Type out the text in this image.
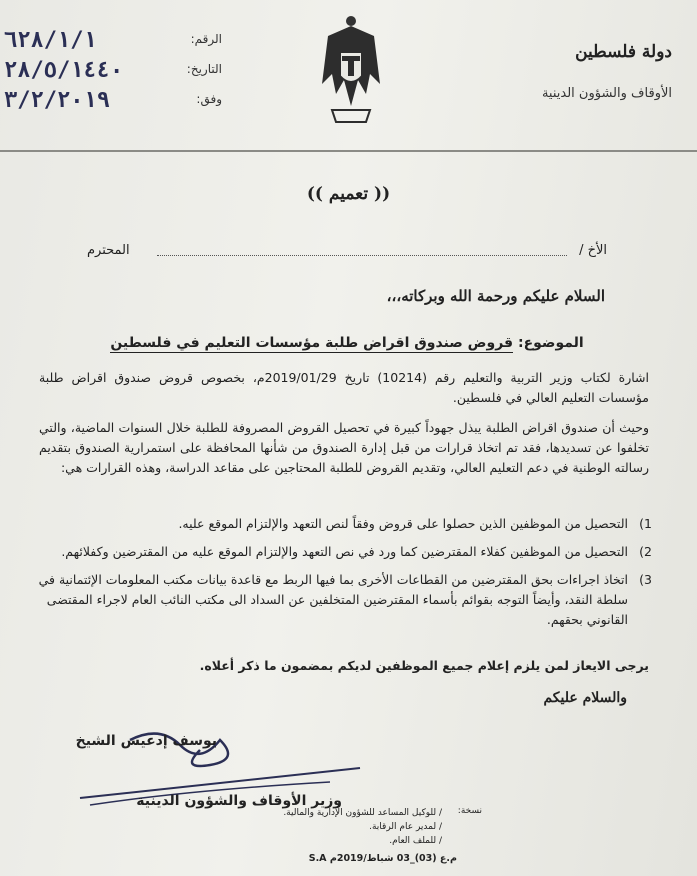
٦٢٨/١/١	الرقم:
٢٨/٥/١٤٤٠	التاريخ:
٣/٢/٢٠١٩	وفق:
دولة فلسطين
الأوقاف والشؤون الدينية
(( تعميم ))
الأخ /
المحترم
السلام عليكم ورحمة الله وبركاته،،،
الموضوع: قروض صندوق اقراض طلبة مؤسسات التعليم في فلسطين

اشارة لكتاب وزير التربية والتعليم رقم (10214) تاريخ 2019/01/29م، بخصوص قروض صندوق اقراض طلبة مؤسسات التعليم العالي في فلسطين.

وحيث أن صندوق اقراض الطلبة يبذل جهوداً كبيرة في تحصيل القروض المصروفة للطلبة خلال السنوات الماضية، والتي تخلفوا عن تسديدها، فقد تم اتخاذ قرارات من قبل إدارة الصندوق من شأنها المحافظة على استمرارية الصندوق بتقديم رسالته الوطنية في دعم التعليم العالي، وتقديم القروض للطلبة المحتاجين على مقاعد الدراسة، وهذه القرارات هي:

1)
التحصيل من الموظفين الذين حصلوا على قروض وفقاً لنص التعهد والإلتزام الموقع عليه.
2)
التحصيل من الموظفين كفلاء المقترضين كما ورد في نص التعهد والإلتزام الموقع عليه من المقترضين وكفلائهم.
3)
اتخاذ اجراءات بحق المقترضين من القطاعات الأخرى بما فيها الربط مع قاعدة بيانات مكتب المعلومات الإئتمانية في سلطة النقد، وأيضاً التوجه بقوائم بأسماء المقترضين المتخلفين عن السداد الى مكتب النائب العام لاجراء المقتضى القانوني بحقهم.

يرجى الايعاز لمن يلزم إعلام جميع الموظفين لديكم بمضمون ما ذكر أعلاه.

والسلام عليكم
يوسف إدعيس الشيخ
وزير الأوقاف والشؤون الدينية
نسخة:
/ للوكيل المساعد للشؤون الإدارية والمالية.
/ لمدير عام الرقابة.
/ للملف العام.
م.ع (03)_03 شباط/2019م S.A
